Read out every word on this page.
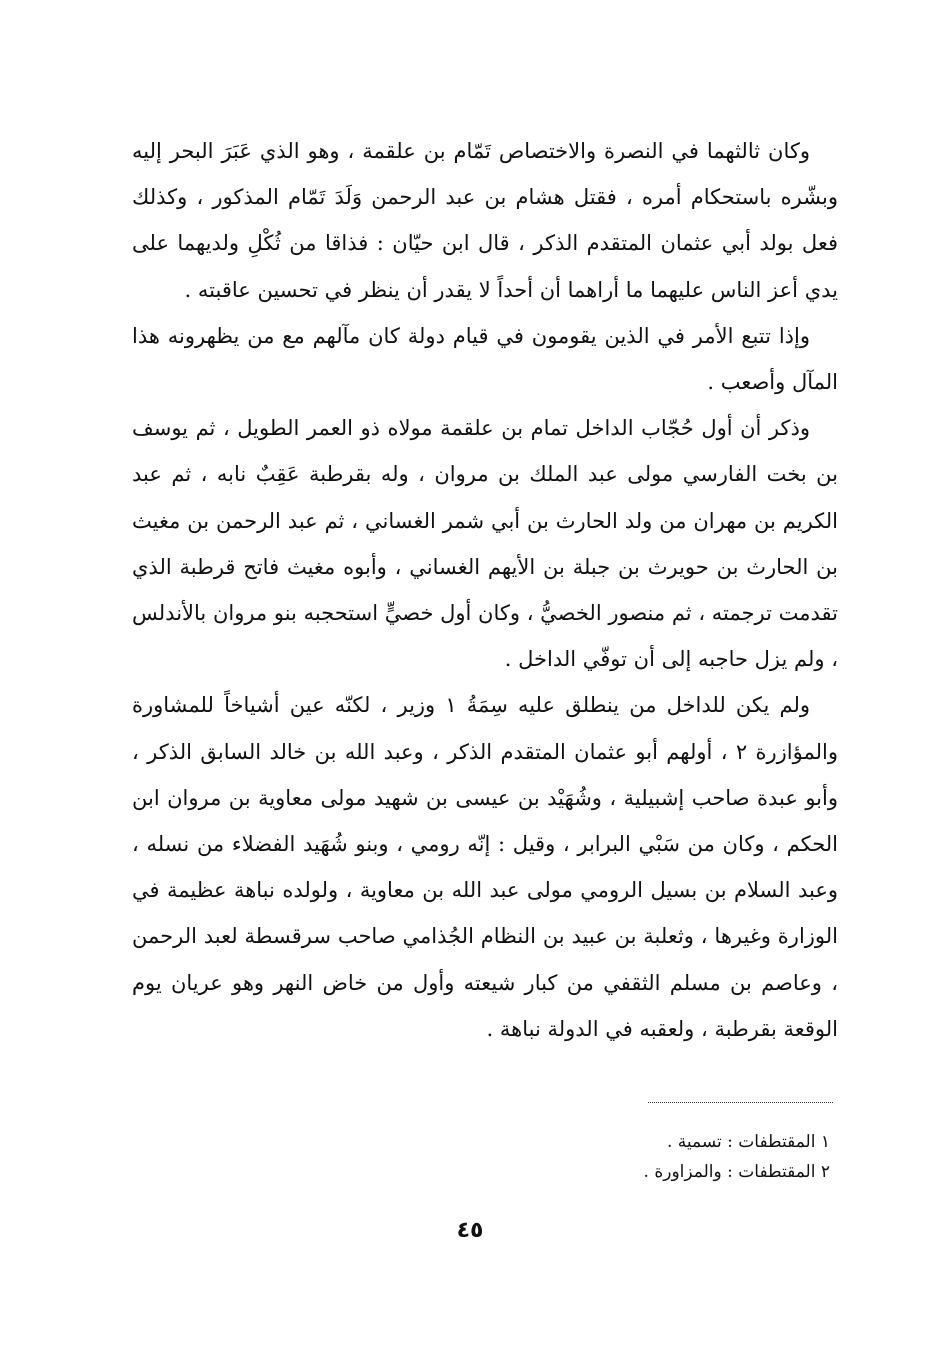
وكان ثالثهما في النصرة والاختصاص تَمّام بن علقمة ، وهو الذي عَبَرَ البحر إليه وبشّره باستحكام أمره ، فقتل هشام بن عبد الرحمن وَلَدَ تَمّام المذكور ، وكذلك فعل بولد أبي عثمان المتقدم الذكر ، قال ابن حيّان : فذاقا من ثُكْلِ ولديهما على يدي أعز الناس عليهما ما أراهما أن أحداً لا يقدر أن ينظر في تحسين عاقبته .

وإذا تتبع الأمر في الذين يقومون في قيام دولة كان مآلهم مع من يظهرونه هذا المآل وأصعب .

وذكر أن أول حُجّاب الداخل تمام بن علقمة مولاه ذو العمر الطويل ، ثم يوسف بن بخت الفارسي مولى عبد الملك بن مروان ، وله بقرطبة عَقِبٌ نابه ، ثم عبد الكريم بن مهران من ولد الحارث بن أبي شمر الغساني ، ثم عبد الرحمن بن مغيث بن الحارث بن حويرث بن جبلة بن الأيهم الغساني ، وأبوه مغيث فاتح قرطبة الذي تقدمت ترجمته ، ثم منصور الخصيُّ ، وكان أول خصيٍّ استحجبه بنو مروان بالأندلس ، ولم يزل حاجبه إلى أن توفّي الداخل .

ولم يكن للداخل من ينطلق عليه سِمَةُ ١ وزير ، لكنّه عين أشياخاً للمشاورة والمؤازرة ٢ ، أولهم أبو عثمان المتقدم الذكر ، وعبد الله بن خالد السابق الذكر ، وأبو عبدة صاحب إشبيلية ، وشُهَيْد بن عيسى بن شهيد مولى معاوية بن مروان ابن الحكم ، وكان من سَبْي البرابر ، وقيل : إنّه رومي ، وبنو شُهَيد الفضلاء من نسله ، وعبد السلام بن بسيل الرومي مولى عبد الله بن معاوية ، ولولده نباهة عظيمة في الوزارة وغيرها ، وثعلبة بن عبيد بن النظام الجُذامي صاحب سرقسطة لعبد الرحمن ، وعاصم بن مسلم الثقفي من كبار شيعته وأول من خاض النهر وهو عريان يوم الوقعة بقرطبة ، ولعقبه في الدولة نباهة .

١ المقتطفات : تسمية .
٢ المقتطفات : والمزاورة .
٤٥
